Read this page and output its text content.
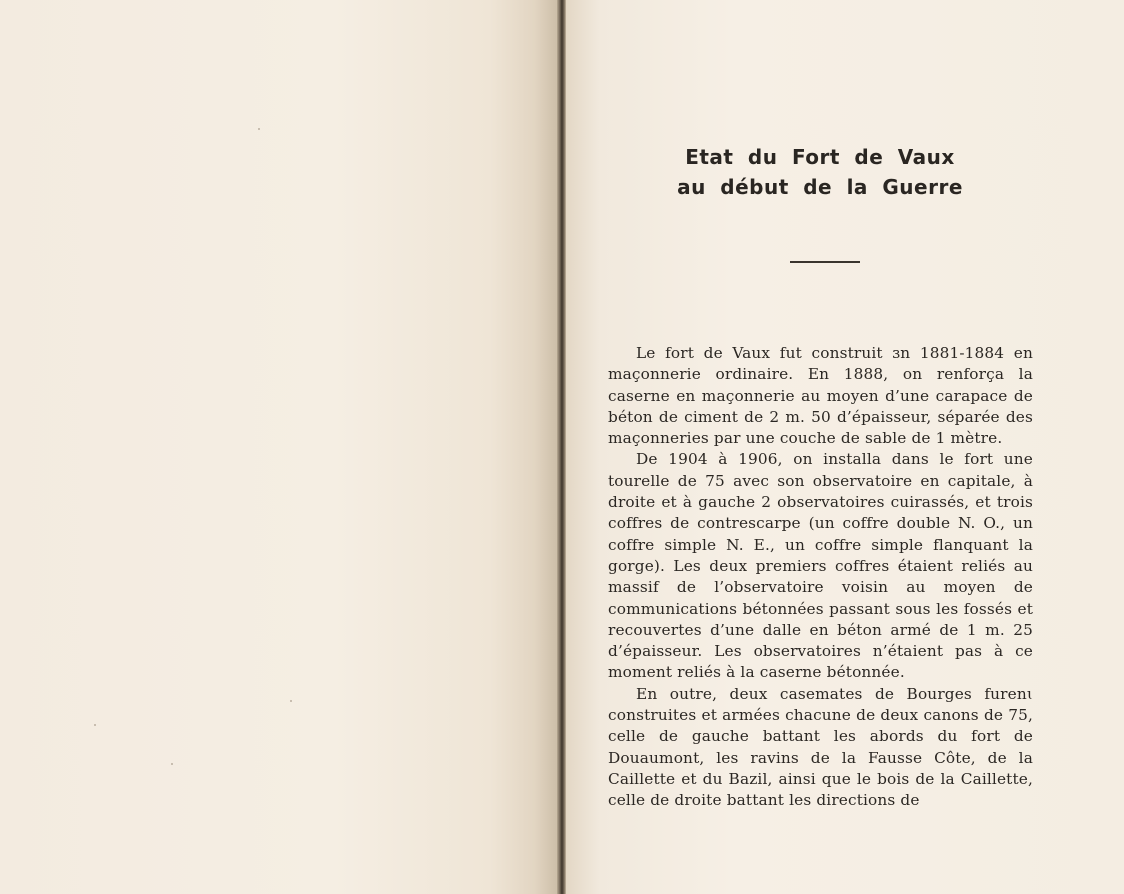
Etat du Fort de Vaux
au début de la Guerre

Le fort de Vaux fut construit ɜn 1881-1884 en maçonnerie ordinaire. En 1888, on renforça la caserne en maçonnerie au moyen d’une carapace de béton de ciment de 2 m. 50 d’épaisseur, séparée des maçonneries par une couche de sable de 1 mètre.

De 1904 à 1906, on installa dans le fort une tourelle de 75 avec son observatoire en capitale, à droite et à gauche 2 observatoires cuirassés, et trois coffres de contrescarpe (un coffre double N. O., un coffre simple N. E., un coffre simple flanquant la gorge). Les deux premiers coffres étaient reliés au massif de l’observatoire voisin au moyen de communications bétonnées passant sous les fossés et recouvertes d’une dalle en béton armé de 1 m. 25 d’épaisseur. Les observatoires n’étaient pas à ce moment reliés à la caserne bétonnée.

En outre, deux casemates de Bourges furenɩ construites et armées chacune de deux canons de 75, celle de gauche battant les abords du fort de Douaumont, les ravins de la Fausse Côte, de la Caillette et du Bazil, ainsi que le bois de la Caillette, celle de droite battant les directions de
